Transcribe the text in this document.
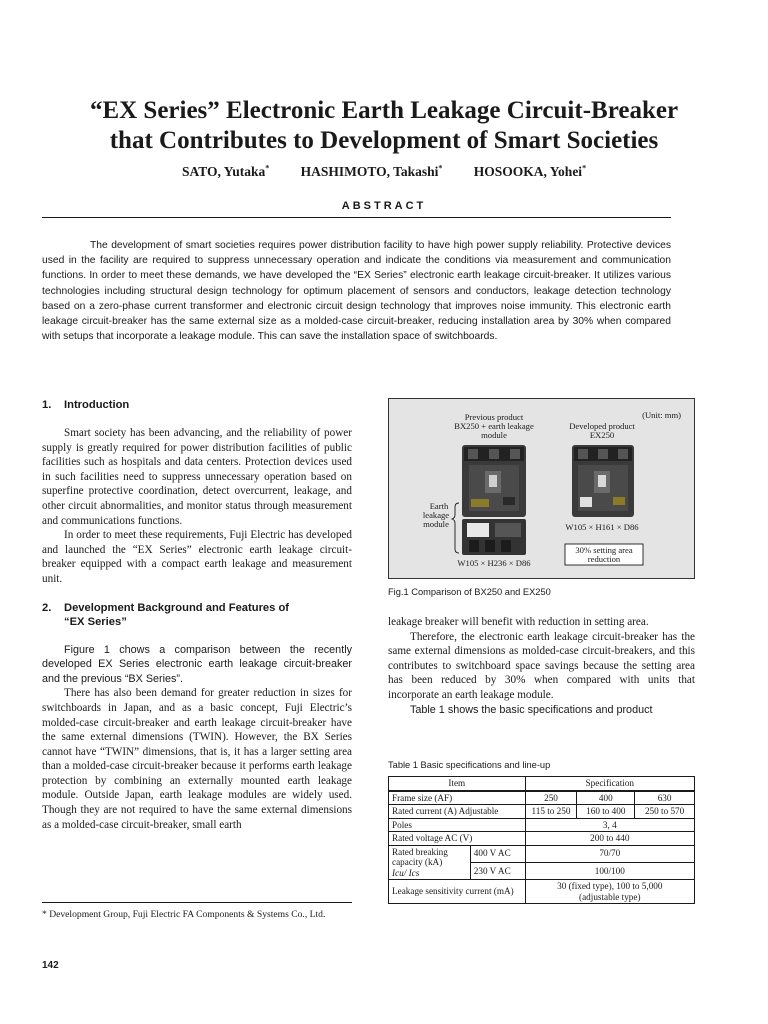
“EX Series” Electronic Earth Leakage Circuit-Breaker
that Contributes to Development of Smart Societies
SATO, Yutaka* HASHIMOTO, Takashi* HOSOOKA, Yohei*
ABSTRACT

The development of smart societies requires power distribution facility to have high power supply reliability. Protective devices used in the facility are required to suppress unnecessary operation and indicate the conditions via measurement and communication functions. In order to meet these demands, we have developed the “EX Series” electronic earth leakage circuit-breaker. It utilizes various technologies including structural design technology for optimum placement of sensors and conductors, leakage detection technology based on a zero-phase current transformer and electronic circuit design technology that improves noise immunity. This electronic earth leakage circuit-breaker has the same external size as a molded-case circuit-breaker, reducing installation area by 30% when compared with setups that incorporate a leakage module. This can save the installation space of switchboards.

1. Introduction

Smart society has been advancing, and the reliability of power supply is greatly required for power distribution facilities of public facilities such as hospitals and data centers. Protection devices used in such facilities need to suppress unnecessary operation based on superfine protective coordination, detect overcurrent, leakage, and other circuit abnormalities, and monitor status through measurement and communications functions.

In order to meet these requirements, Fuji Electric has developed and launched the “EX Series” electronic earth leakage circuit-breaker equipped with a compact earth leakage and measurement unit.

2. Development Background and Features of
“EX Series”

Figure 1 chows a comparison between the recently developed EX Series electronic earth leakage circuit-breaker and the previous “BX Series”.

There has also been demand for greater reduction in sizes for switchboards in Japan, and as a basic concept, Fuji Electric’s molded-case circuit-breaker and earth leakage circuit-breaker have the same external dimensions (TWIN). However, the BX Series cannot have “TWIN” dimensions, that is, it has a larger setting area than a molded-case circuit-breaker because it performs earth leakage protection by combining an externally mounted earth leakage module. Outside Japan, earth leakage modules are widely used. Though they are not required to have the same external dimensions as a molded-case circuit-breaker, small earth

* Development Group, Fuji Electric FA Components & Systems Co., Ltd.
142
(Unit: mm)
Previous product
BX250 + earth leakage
module
Developed product
EX250
Earth
leakage
module
W105 × H236 × D86
W105 × H161 × D86
30% setting area
reduction
Fig.1 Comparison of BX250 and EX250

leakage breaker will benefit with reduction in setting area.

Therefore, the electronic earth leakage circuit-breaker has the same external dimensions as molded-case circuit-breakers, and this contributes to switchboard space savings because the setting area has been reduced by 30% when compared with units that incorporate an earth leakage module.

Table 1 shows the basic specifications and product

Table 1 Basic specifications and line-up
Item		Specification		
Frame size (AF)		250	400	630
Rated current (A) Adjustable		115 to 250	160 to 400	250 to 570
Poles		3, 4		
Rated voltage AC (V)		200 to 440		

Rated breaking capacity (kA)
Icu/ Ics	400 V AC	70/70		
	230 V AC	100/100		
Leakage sensitivity current (mA)		30 (fixed type), 100 to 5,000
(adjustable type)		
